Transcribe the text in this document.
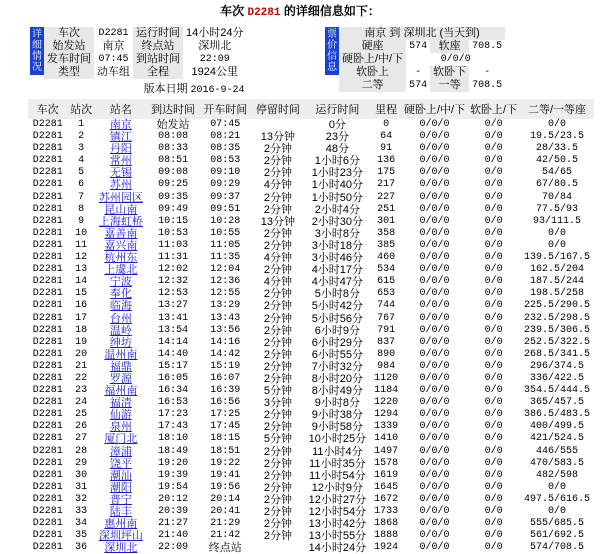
车次 D2281 的详细信息如下：
详
细
情
况
车次	D2281	运行时间	14小时24分
始发站	南京	终点站	深圳北
发车时间	07:45	到站时间	22:09
类型	动车组	全程	1924公里
版本日期 2016-9-24
票
价
信
息
南京 到 深圳北 (当天到)			
硬座	574	软座	708.5
硬卧上/中/下	0/0/0		
软卧上	-	软卧下	-
二等	574	一等	708.5
车次	站次	站名	到达时间	开车时间	停留时间	运行时间	里程	硬卧上/中/下	软卧上/下	二等/一等座
D2281	1	南京	始发站	07:45		0分	0	0/0/0	0/0	0/0
D2281	2	镇江	08:08	08:21	13分钟	23分	64	0/0/0	0/0	19.5/23.5
D2281	3	丹阳	08:33	08:35	2分钟	48分	91	0/0/0	0/0	28/33.5
D2281	4	常州	08:51	08:53	2分钟	1小时6分	136	0/0/0	0/0	42/50.5
D2281	5	无锡	09:08	09:10	2分钟	1小时23分	175	0/0/0	0/0	54/65
D2281	6	苏州	09:25	09:29	4分钟	1小时40分	217	0/0/0	0/0	67/80.5
D2281	7	苏州园区	09:35	09:37	2分钟	1小时50分	227	0/0/0	0/0	70/84
D2281	8	昆山南	09:49	09:51	2分钟	2小时4分	251	0/0/0	0/0	77.5/93
D2281	9	上海虹桥	10:15	10:28	13分钟	2小时30分	301	0/0/0	0/0	93/111.5
D2281	10	嘉善南	10:53	10:55	2分钟	3小时8分	358	0/0/0	0/0	0/0
D2281	11	嘉兴南	11:03	11:05	2分钟	3小时18分	385	0/0/0	0/0	0/0
D2281	12	杭州东	11:31	11:35	4分钟	3小时46分	460	0/0/0	0/0	139.5/167.5
D2281	13	上虞北	12:02	12:04	2分钟	4小时17分	534	0/0/0	0/0	162.5/204
D2281	14	宁波	12:32	12:36	4分钟	4小时47分	615	0/0/0	0/0	187.5/244
D2281	15	奉化	12:53	12:55	2分钟	5小时8分	653	0/0/0	0/0	198.5/258
D2281	16	临海	13:27	13:29	2分钟	5小时42分	744	0/0/0	0/0	225.5/290.5
D2281	17	台州	13:41	13:43	2分钟	5小时56分	767	0/0/0	0/0	232.5/298.5
D2281	18	温岭	13:54	13:56	2分钟	6小时9分	791	0/0/0	0/0	239.5/306.5
D2281	19	绅坊	14:14	14:16	2分钟	6小时29分	837	0/0/0	0/0	252.5/322.5
D2281	20	温州南	14:40	14:42	2分钟	6小时55分	890	0/0/0	0/0	268.5/341.5
D2281	21	福鼎	15:17	15:19	2分钟	7小时32分	984	0/0/0	0/0	296/374.5
D2281	22	罗源	16:05	16:07	2分钟	8小时20分	1120	0/0/0	0/0	336/422.5
D2281	23	福州南	16:34	16:39	5分钟	8小时49分	1184	0/0/0	0/0	354.5/444.5
D2281	24	福清	16:53	16:56	3分钟	9小时8分	1220	0/0/0	0/0	365/457.5
D2281	25	仙游	17:23	17:25	2分钟	9小时38分	1294	0/0/0	0/0	386.5/483.5
D2281	26	泉州	17:43	17:45	2分钟	9小时58分	1339	0/0/0	0/0	400/499.5
D2281	27	厦门北	18:10	18:15	5分钟	10小时25分	1410	0/0/0	0/0	421/524.5
D2281	28	漳浦	18:49	18:51	2分钟	11小时4分	1497	0/0/0	0/0	446/555
D2281	29	饶平	19:20	19:22	2分钟	11小时35分	1578	0/0/0	0/0	470/583.5
D2281	30	潮汕	19:39	19:41	2分钟	11小时54分	1619	0/0/0	0/0	482/598
D2281	31	潮阳	19:54	19:56	2分钟	12小时9分	1645	0/0/0	0/0	0/0
D2281	32	普宁	20:12	20:14	2分钟	12小时27分	1672	0/0/0	0/0	497.5/616.5
D2281	33	陆丰	20:39	20:41	2分钟	12小时54分	1733	0/0/0	0/0	0/0
D2281	34	惠州南	21:27	21:29	2分钟	13小时42分	1868	0/0/0	0/0	555/685.5
D2281	35	深圳坪山	21:40	21:42	2分钟	13小时55分	1888	0/0/0	0/0	561/692.5
D2281	36	深圳北	22:09	终点站		14小时24分	1924	0/0/0	0/0	574/708.5
